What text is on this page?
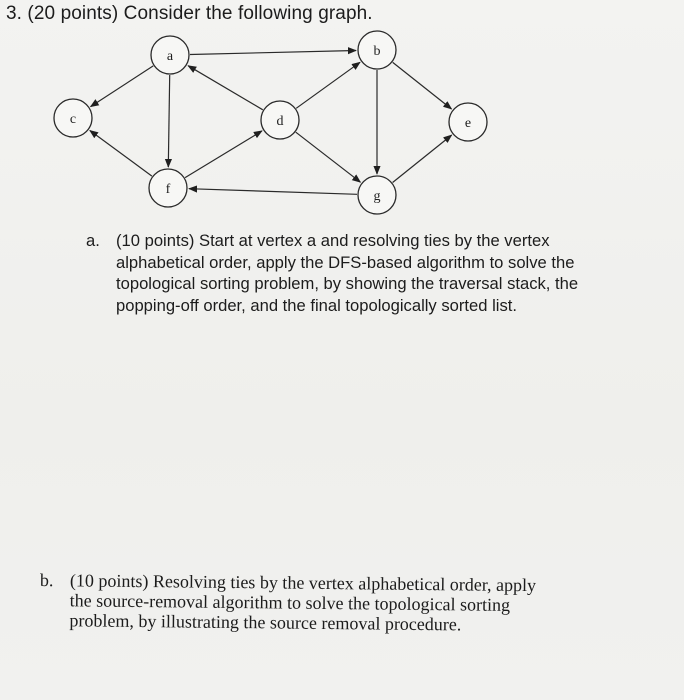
3. (20 points) Consider the following graph.
a	b
c	d	e
f	g
a. (10 points) Start at vertex a and resolving ties by the vertex
alphabetical order, apply the DFS-based algorithm to solve the
topological sorting problem, by showing the traversal stack, the
popping-off order, and the final topologically sorted list.
b. (10 points) Resolving ties by the vertex alphabetical order, apply
the source-removal algorithm to solve the topological sorting
problem, by illustrating the source removal procedure.
